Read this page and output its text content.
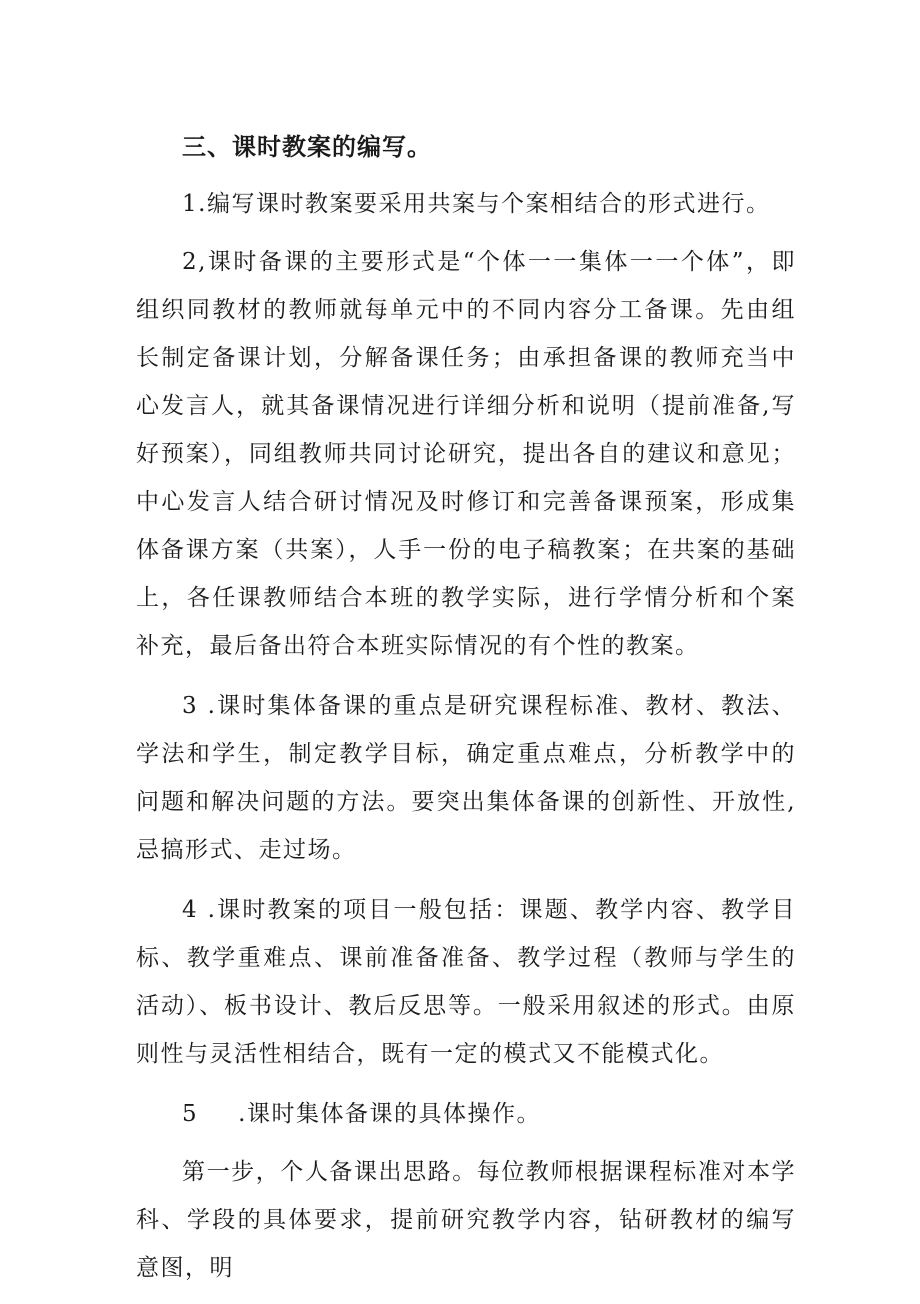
三、课时教案的编写。

1.编写课时教案要采用共案与个案相结合的形式进行。

2,课时备课的主要形式是“个体一一集体一一个体”，即组织同教材的教师就每单元中的不同内容分工备课。先由组长制定备课计划，分解备课任务；由承担备课的教师充当中心发言人，就其备课情况进行详细分析和说明（提前准备,写好预案），同组教师共同讨论研究，提出各自的建议和意见；中心发言人结合研讨情况及时修订和完善备课预案，形成集体备课方案（共案），人手一份的电子稿教案；在共案的基础上，各任课教师结合本班的教学实际，进行学情分析和个案补充，最后备出符合本班实际情况的有个性的教案。

3 .课时集体备课的重点是研究课程标准、教材、教法、学法和学生，制定教学目标，确定重点难点，分析教学中的问题和解决问题的方法。要突出集体备课的创新性、开放性,忌搞形式、走过场。

4 .课时教案的项目一般包括：课题、教学内容、教学目标、教学重难点、课前准备准备、教学过程（教师与学生的活动）、板书设计、教后反思等。一般采用叙述的形式。由原则性与灵活性相结合，既有一定的模式又不能模式化。

5 .课时集体备课的具体操作。

第一步，个人备课出思路。每位教师根据课程标准对本学科、学段的具体要求，提前研究教学内容，钻研教材的编写意图，明
